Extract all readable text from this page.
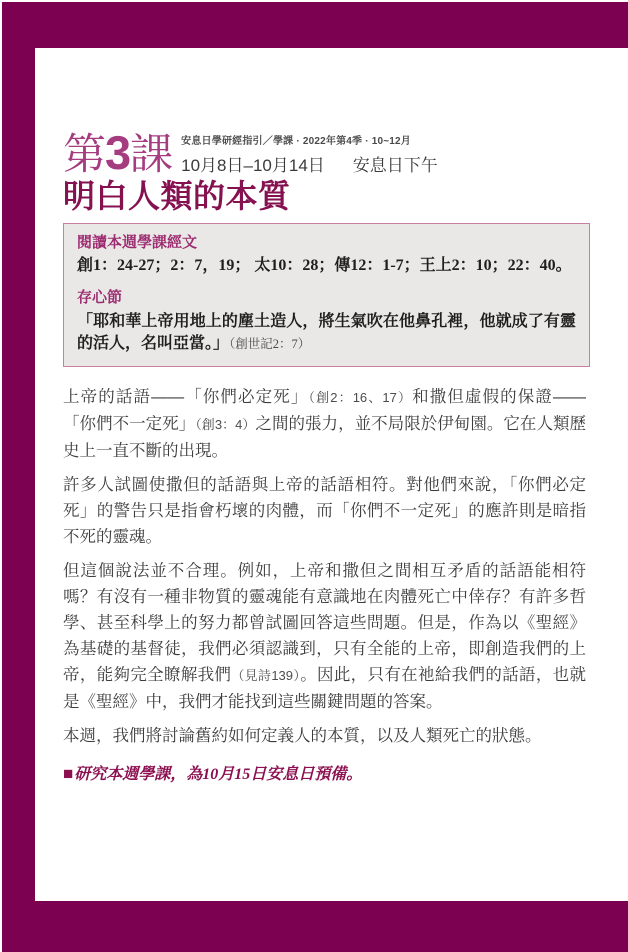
第3課 安息日學研經指引／學課 · 2022年第4季 · 10~12月
10月8日–10月14日 安息日下午
明白人類的本質
閱讀本週學課經文
創1：24-27；2：7，19； 太10：28；傳12：1-7；王上2：10；22：40。
存心節
「耶和華上帝用地上的塵土造人，將生氣吹在他鼻孔裡，他就成了有靈的活人，名叫亞當。」（創世記2：7）

上帝的話語——「你們必定死」（創2：16、17）和撒但虛假的保證——「你們不一定死」（創3：4）之間的張力，並不局限於伊甸園。它在人類歷史上一直不斷的出現。

許多人試圖使撒但的話語與上帝的話語相符。對他們來說，「你們必定死」的警告只是指會朽壞的肉體，而「你們不一定死」的應許則是暗指不死的靈魂。

但這個說法並不合理。例如，上帝和撒但之間相互矛盾的話語能相符嗎？有沒有一種非物質的靈魂能有意識地在肉體死亡中倖存？有許多哲學、甚至科學上的努力都曾試圖回答這些問題。但是，作為以《聖經》為基礎的基督徒，我們必須認識到，只有全能的上帝，即創造我們的上帝，能夠完全瞭解我們（見詩139）。因此，只有在祂給我們的話語，也就是《聖經》中，我們才能找到這些關鍵問題的答案。

本週，我們將討論舊約如何定義人的本質，以及人類死亡的狀態。

■研究本週學課，為10月15日安息日預備。
